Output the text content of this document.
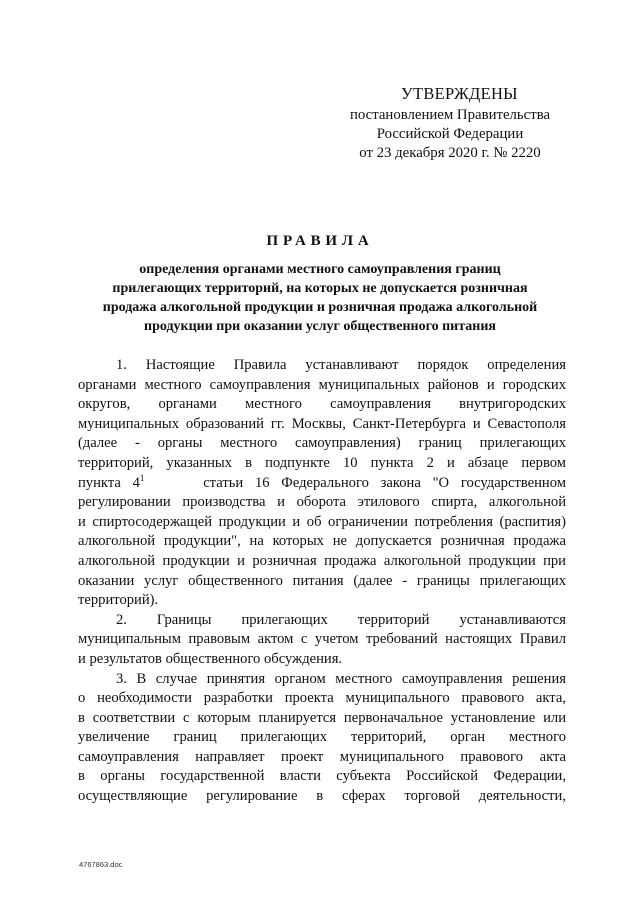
УТВЕРЖДЕНЫ
постановлением Правительства
Российской Федерации
от 23 декабря 2020 г. № 2220
ПРАВИЛА
определения органами местного самоуправления границ
прилегающих территорий, на которых не допускается розничная
продажа алкогольной продукции и розничная продажа алкогольной
продукции при оказании услуг общественного питания
1. Настоящие Правила устанавливают порядок определения
органами местного самоуправления муниципальных районов и городских
округов, органами местного самоуправления внутригородских
муниципальных образований гг. Москвы, Санкт-Петербурга и Севастополя
(далее - органы местного самоуправления) границ прилегающих
территорий, указанных в подпункте 10 пункта 2 и абзаце первом
пункта $4^1$	статьи 16 Федерального закона "О государственном
регулировании производства и оборота этилового спирта, алкогольной
и спиртосодержащей продукции и об ограничении потребления (распития)
алкогольной продукции", на которых не допускается розничная продажа
алкогольной продукции и розничная продажа алкогольной продукции при
оказании услуг общественного питания (далее - границы прилегающих
территорий).
2. Границы прилегающих территорий устанавливаются
муниципальным правовым актом с учетом требований настоящих Правил
и результатов общественного обсуждения.
3. В случае принятия органом местного самоуправления решения
о необходимости разработки проекта муниципального правового акта,
в соответствии с которым планируется первоначальное установление или
увеличение границ прилегающих территорий, орган местного
самоуправления направляет проект муниципального правового акта
в органы государственной власти субъекта Российской Федерации,
осуществляющие регулирование в сферах торговой деятельности,
4767863.doc
